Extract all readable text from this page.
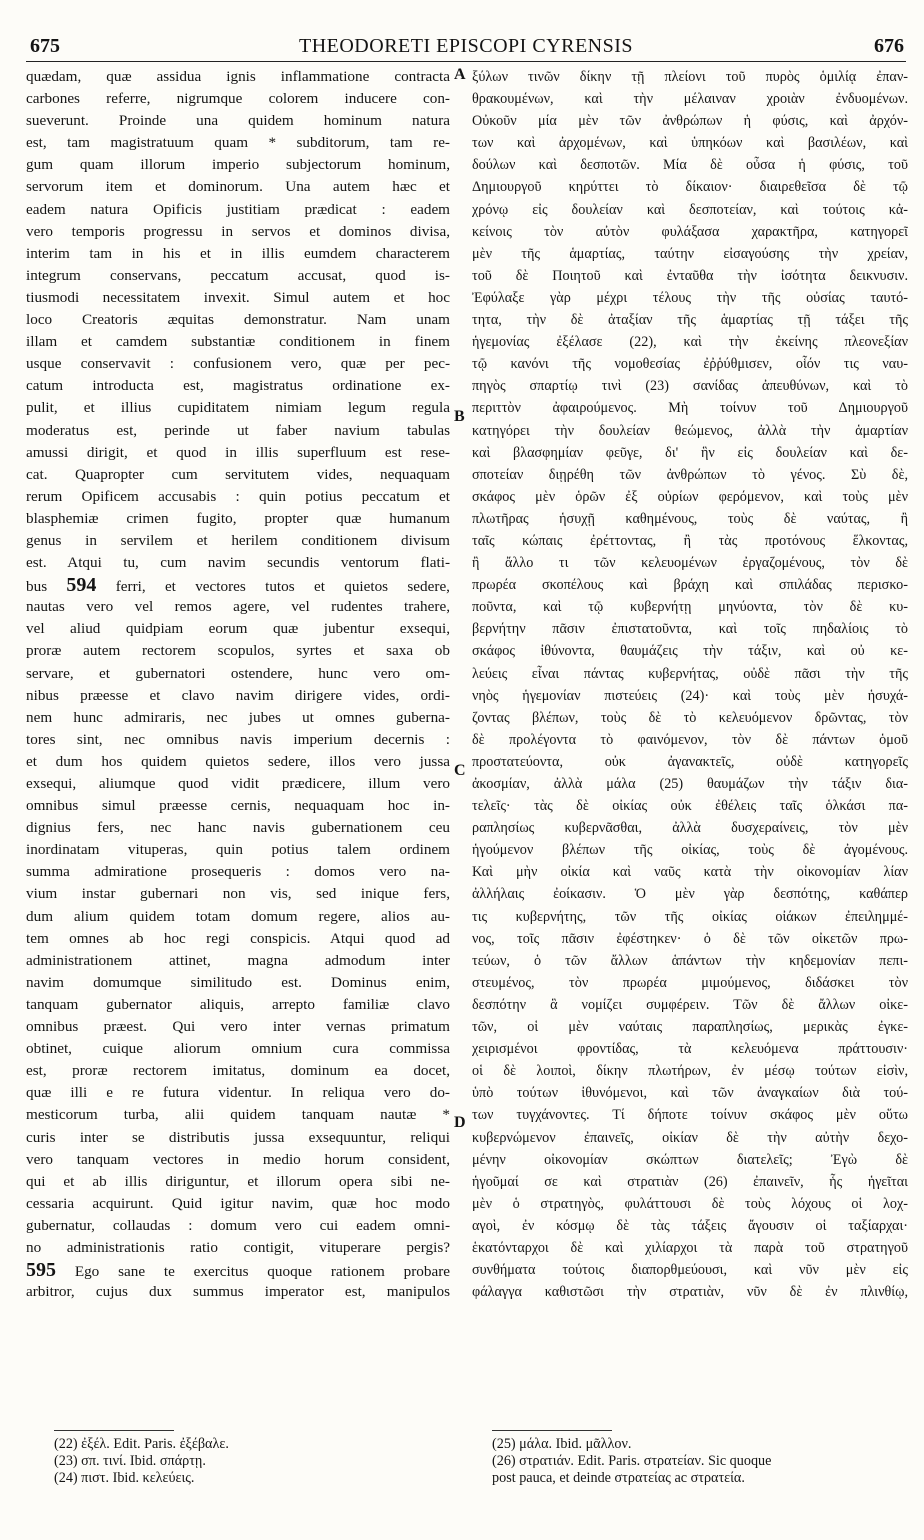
675	THEODORETI EPISCOPI CYRENSIS	676
quædam, quæ assidua ignis inflammatione contracta
carbones referre, nigrumque colorem inducere con-
sueverunt. Proinde una quidem hominum natura
est, tam magistratuum quam * subditorum, tam re-
gum quam illorum imperio subjectorum hominum,
servorum item et dominorum. Una autem hæc et
eadem natura Opificis justitiam prædicat : eadem
vero temporis progressu in servos et dominos divisa,
interim tam in his et in illis eumdem characterem
integrum conservans, peccatum accusat, quod is-
tiusmodi necessitatem invexit. Simul autem et hoc
loco Creatoris æquitas demonstratur. Nam unam
illam et camdem substantiæ conditionem in finem
usque conservavit : confusionem vero, quæ per pec-
catum introducta est, magistratus ordinatione ex-
pulit, et illius cupiditatem nimiam legum regula
moderatus est, perinde ut faber navium tabulas
amussi dirigit, et quod in illis superfluum est rese-
cat. Quapropter cum servitutem vides, nequaquam
rerum Opificem accusabis : quin potius peccatum et
blasphemiæ crimen fugito, propter quæ humanum
genus in servilem et herilem conditionem divisum
est. Atqui tu, cum navim secundis ventorum flati-
bus 594 ferri, et vectores tutos et quietos sedere,
nautas vero vel remos agere, vel rudentes trahere,
vel aliud quidpiam eorum quæ jubentur exsequi,
proræ autem rectorem scopulos, syrtes et saxa ob
servare, et gubernatori ostendere, hunc vero om-
nibus præesse et clavo navim dirigere vides, ordi-
nem hunc admiraris, nec jubes ut omnes guberna-
tores sint, nec omnibus navis imperium decernis :
et dum hos quidem quietos sedere, illos vero jussa
exsequi, aliumque quod vidit prædicere, illum vero
omnibus simul præesse cernis, nequaquam hoc in-
dignius fers, nec hanc navis gubernationem ceu
inordinatam vituperas, quin potius talem ordinem
summa admiratione prosequeris : domos vero na-
vium instar gubernari non vis, sed inique fers,
dum alium quidem totam domum regere, alios au-
tem omnes ab hoc regi conspicis. Atqui quod ad
administrationem attinet, magna admodum inter
navim domumque similitudo est. Dominus enim,
tanquam gubernator aliquis, arrepto familiæ clavo
omnibus præest. Qui vero inter vernas primatum
obtinet, cuique aliorum omnium cura commissa
est, proræ rectorem imitatus, dominum ea docet,
quæ illi e re futura videntur. In reliqua vero do-
mesticorum turba, alii quidem tanquam nautæ *
curis inter se distributis jussa exsequuntur, reliqui
vero tanquam vectores in medio horum consident,
qui et ab illis diriguntur, et illorum opera sibi ne-
cessaria acquirunt. Quid igitur navim, quæ hoc modo
gubernatur, collaudas : domum vero cui eadem omni-
no administrationis ratio contigit, vituperare pergis?
595 Ego sane te exercitus quoque rationem probare
arbitror, cujus dux summus imperator est, manipulos
A
B
C
D
ξύλων τινῶν δίκην τῇ πλείονι τοῦ πυρὸς ὁμιλίᾳ ἐπαν-
θρακουμένων, καὶ τὴν μέλαιναν χροιὰν ἐνδυομένων.
Οὐκοῦν μία μὲν τῶν ἀνθρώπων ἡ φύσις, καὶ ἀρχόν-
των καὶ ἀρχομένων, καὶ ὑπηκόων καὶ βασιλέων, καὶ
δούλων καὶ δεσποτῶν. Μία δὲ οὖσα ἡ φύσις, τοῦ
Δημιουργοῦ κηρύττει τὸ δίκαιον· διαιρεθεῖσα δὲ τῷ
χρόνῳ εἰς δουλείαν καὶ δεσποτείαν, καὶ τούτοις κἀ-
κείνοις τὸν αὐτὸν φυλάξασα χαρακτῆρα, κατηγορεῖ
μὲν τῆς ἁμαρτίας, ταύτην εἰσαγούσης τὴν χρείαν,
τοῦ δὲ Ποιητοῦ καὶ ἐνταῦθα τὴν ἰσότητα δεικνυσιν.
Ἐφύλαξε γὰρ μέχρι τέλους τὴν τῆς οὐσίας ταυτό-
τητα, τὴν δὲ ἀταξίαν τῆς ἁμαρτίας τῇ τάξει τῆς
ἡγεμονίας ἐξέλασε (22), καὶ τὴν ἐκείνης πλεονεξίαν
τῷ κανόνι τῆς νομοθεσίας ἐῤῥύθμισεν, οἷόν τις ναυ-
πηγὸς σπαρτίῳ τινὶ (23) σανίδας ἀπευθύνων, καὶ τὸ
περιττὸν ἀφαιρούμενος. Μὴ τοίνυν τοῦ Δημιουργοῦ
κατηγόρει τὴν δουλείαν θεώμενος, ἀλλὰ τὴν ἁμαρτίαν
καὶ βλασφημίαν φεῦγε, δι' ἣν εἰς δουλείαν καὶ δε-
σποτείαν διῃρέθη τῶν ἀνθρώπων τὸ γένος. Σὺ δὲ,
σκάφος μὲν ὁρῶν ἐξ οὐρίων φερόμενον, καὶ τοὺς μὲν
πλωτῆρας ἡσυχῇ καθημένους, τοὺς δὲ ναύτας, ἢ
ταῖς κώπαις ἐρέττοντας, ἢ τὰς προτόνους ἕλκοντας,
ἢ ἄλλο τι τῶν κελευομένων ἐργαζομένους, τὸν δὲ
πρωρέα σκοπέλους καὶ βράχη καὶ σπιλάδας περισκο-
ποῦντα, καὶ τῷ κυβερνήτῃ μηνύοντα, τὸν δὲ κυ-
βερνήτην πᾶσιν ἐπιστατοῦντα, καὶ τοῖς πηδαλίοις τὸ
σκάφος ἰθύνοντα, θαυμάζεις τὴν τάξιν, καὶ οὐ κε-
λεύεις εἶναι πάντας κυβερνήτας, οὐδὲ πᾶσι τὴν τῆς
νηὸς ἡγεμονίαν πιστεύεις (24)· καὶ τοὺς μὲν ἡσυχά-
ζοντας βλέπων, τοὺς δὲ τὸ κελευόμενον δρῶντας, τὸν
δὲ προλέγοντα τὸ φαινόμενον, τὸν δὲ πάντων ὁμοῦ
προστατεύοντα, οὐκ ἀγανακτεῖς, οὐδὲ κατηγορεῖς
ἀκοσμίαν, ἀλλὰ μάλα (25) θαυμάζων τὴν τάξιν δια-
τελεῖς· τὰς δὲ οἰκίας οὐκ ἐθέλεις ταῖς ὁλκάσι πα-
ραπλησίως κυβερνᾶσθαι, ἀλλὰ δυσχεραίνεις, τὸν μὲν
ἡγούμενον βλέπων τῆς οἰκίας, τοὺς δὲ ἀγομένους.
Καὶ μὴν οἰκία καὶ ναῦς κατὰ τὴν οἰκονομίαν λίαν
ἀλλήλαις ἐοίκασιν. Ὁ μὲν γὰρ δεσπότης, καθάπερ
τις κυβερνήτης, τῶν τῆς οἰκίας οἰάκων ἐπειλημμέ-
νος, τοῖς πᾶσιν ἐφέστηκεν· ὁ δὲ τῶν οἰκετῶν πρω-
τεύων, ὁ τῶν ἄλλων ἁπάντων τὴν κηδεμονίαν πεπι-
στευμένος, τὸν πρωρέα μιμούμενος, διδάσκει τὸν
δεσπότην ἃ νομίζει συμφέρειν. Τῶν δὲ ἄλλων οἰκε-
τῶν, οἱ μὲν ναύταις παραπλησίως, μερικὰς ἐγκε-
χειρισμένοι φροντίδας, τὰ κελευόμενα πράττουσιν·
οἱ δὲ λοιποὶ, δίκην πλωτήρων, ἐν μέσῳ τούτων εἰσὶν,
ὑπὸ τούτων ἰθυνόμενοι, καὶ τῶν ἀναγκαίων διὰ τού-
των τυγχάνοντες. Τί δήποτε τοίνυν σκάφος μὲν οὕτω
κυβερνώμενον ἐπαινεῖς, οἰκίαν δὲ τὴν αὐτὴν δεχο-
μένην οἰκονομίαν σκώπτων διατελεῖς; Ἐγὼ δὲ
ἡγοῦμαί σε καὶ στρατιὰν (26) ἐπαινεῖν, ἧς ἡγεῖται
μὲν ὁ στρατηγὸς, φυλάττουσι δὲ τοὺς λόχους οἱ λοχ-
αγοὶ, ἐν κόσμῳ δὲ τὰς τάξεις ἄγουσιν οἱ ταξίαρχαι·
ἑκατόνταρχοι δὲ καὶ χιλίαρχοι τὰ παρὰ τοῦ στρατηγοῦ
συνθήματα τούτοις διαπορθμεύουσι, καὶ νῦν μὲν εἰς
φάλαγγα καθιστῶσι τὴν στρατιὰν, νῦν δὲ ἐν πλινθίῳ,
(22) ἐξέλ. Edit. Paris. ἐξέβαλε.
(23) σπ. τινί. Ibid. σπάρτῃ.
(24) πιστ. Ibid. κελεύεις.
(25) μάλα. Ibid. μᾶλλον.
(26) στρατιάν. Edit. Paris. στρατείαν. Sic quoque
post pauca, et deinde στρατείας ac στρατεία.
